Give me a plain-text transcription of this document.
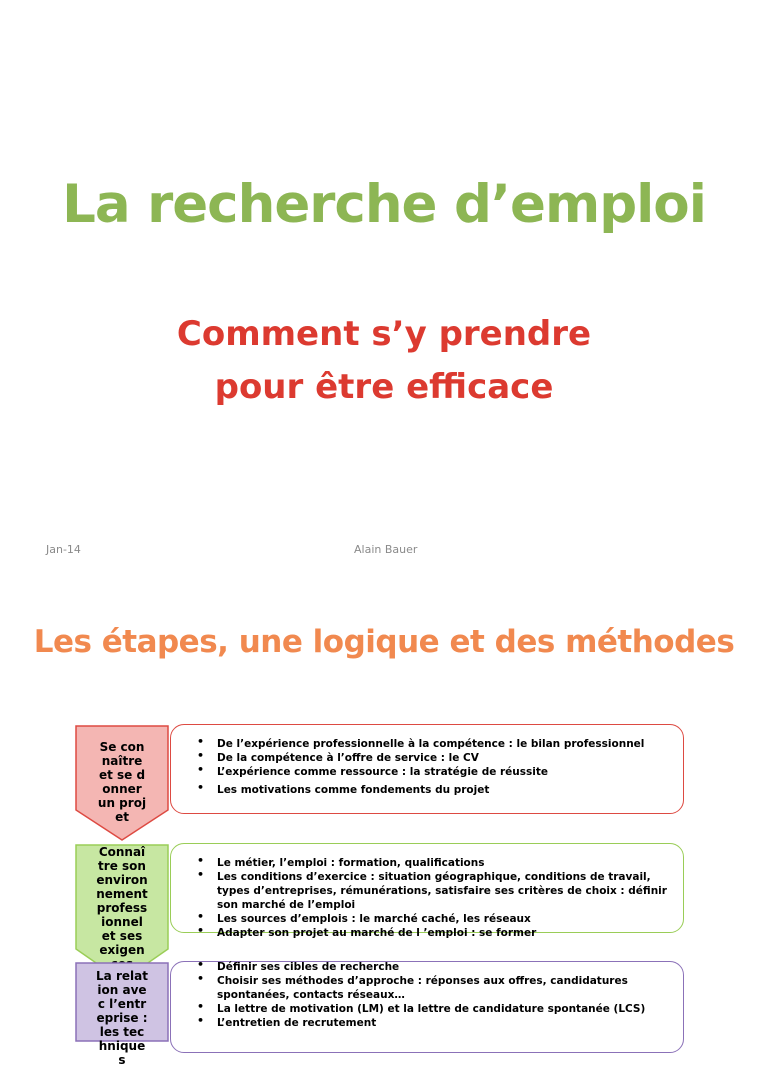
La recherche d’emploi
Comment s’y prendre
pour être efficace
Jan-14	Alain Bauer
Les étapes, une logique et des méthodes
Se connaître et se donner un projet
• De l’expérience professionnelle à la compétence : le bilan professionnel
• De la compétence à l’offre de service : le CV
• L’expérience comme ressource : la stratégie de réussite
• Les motivations comme fondements du projet
Connaître son environnement professionnel et ses exigen
• Le métier, l’emploi : formation, qualifications
• Les conditions d’exercice : situation géographique, conditions de travail, types d’entreprises, rémunérations, satisfaire ses critères de choix : définir son marché de l’emploi
• Les sources d’emplois : le marché caché, les réseaux
• Adapter son projet au marché de l ’emploi : se former
La relation avec l’entreprise : les techniques
• Définir ses cibles de recherche
• Choisir ses méthodes d’approche : réponses aux offres, candidatures spontanées, contacts réseaux…
• La lettre de motivation (LM) et la lettre de candidature spontanée (LCS)
• L’entretien de recrutement
